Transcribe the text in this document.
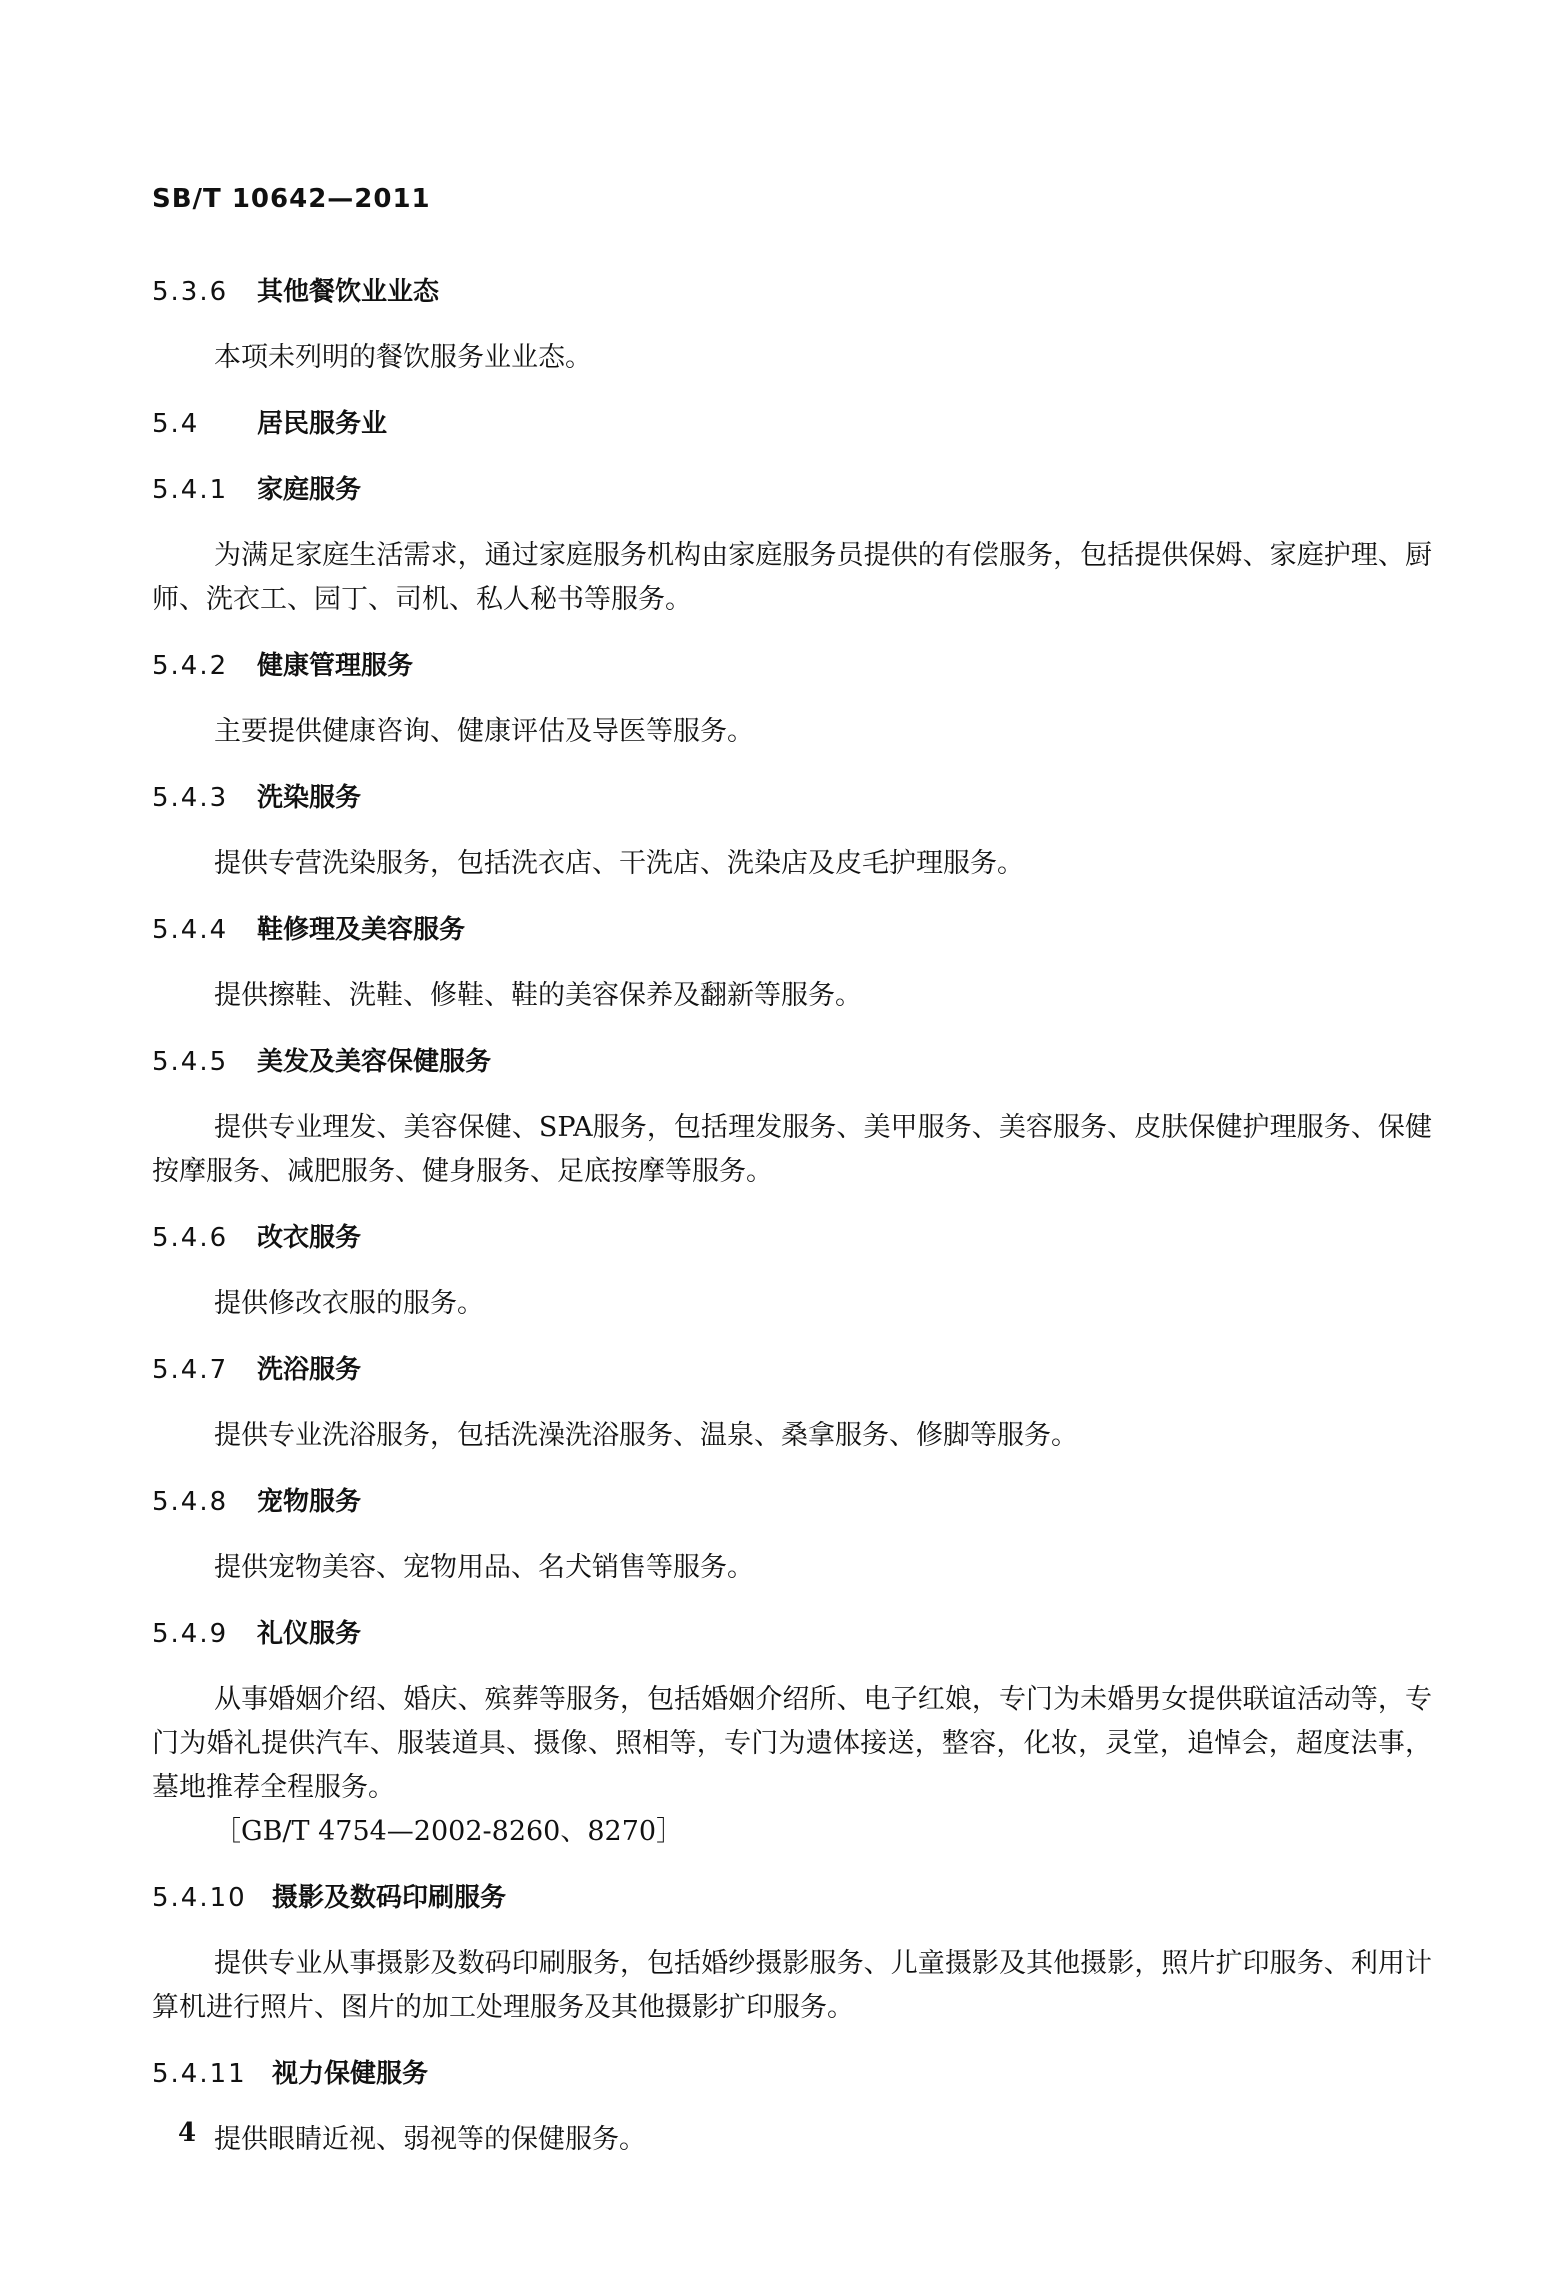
SB/T 10642—2011
5.3.6	其他餐饮业业态

本项未列明的餐饮服务业业态。

5.4	居民服务业
5.4.1	家庭服务

为满足家庭生活需求，通过家庭服务机构由家庭服务员提供的有偿服务，包括提供保姆、家庭护理、厨师、洗衣工、园丁、司机、私人秘书等服务。

5.4.2	健康管理服务

主要提供健康咨询、健康评估及导医等服务。

5.4.3	洗染服务

提供专营洗染服务，包括洗衣店、干洗店、洗染店及皮毛护理服务。

5.4.4	鞋修理及美容服务

提供擦鞋、洗鞋、修鞋、鞋的美容保养及翻新等服务。

5.4.5	美发及美容保健服务

提供专业理发、美容保健、SPA服务，包括理发服务、美甲服务、美容服务、皮肤保健护理服务、保健按摩服务、减肥服务、健身服务、足底按摩等服务。

5.4.6	改衣服务

提供修改衣服的服务。

5.4.7	洗浴服务

提供专业洗浴服务，包括洗澡洗浴服务、温泉、桑拿服务、修脚等服务。

5.4.8	宠物服务

提供宠物美容、宠物用品、名犬销售等服务。

5.4.9	礼仪服务

从事婚姻介绍、婚庆、殡葬等服务，包括婚姻介绍所、电子红娘，专门为未婚男女提供联谊活动等，专门为婚礼提供汽车、服装道具、摄像、照相等，专门为遗体接送，整容，化妆，灵堂，追悼会，超度法事，墓地推荐全程服务。

［GB/T 4754—2002-8260、8270］

5.4.10 摄影及数码印刷服务

提供专业从事摄影及数码印刷服务，包括婚纱摄影服务、儿童摄影及其他摄影，照片扩印服务、利用计算机进行照片、图片的加工处理服务及其他摄影扩印服务。

5.4.11 视力保健服务

提供眼睛近视、弱视等的保健服务。

4
